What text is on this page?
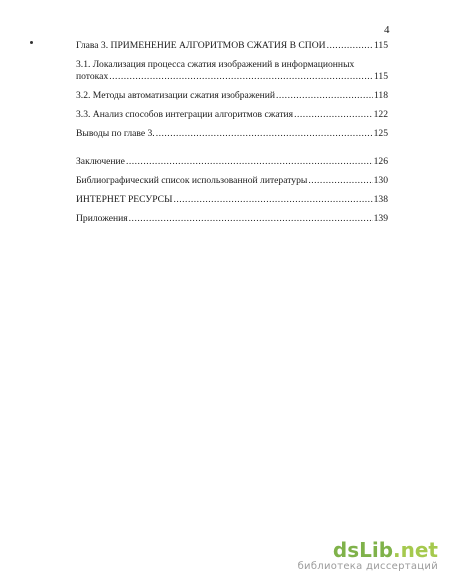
4
Глава 3. ПРИМЕНЕНИЕ АЛГОРИТМОВ СЖАТИЯ В СПОИ .....	115
3.1. Локализация процесса сжатия изображений в информационных
потоках .....	115
3.2. Методы автоматизации сжатия изображений .....	118
3.3. Анализ способов интеграции алгоритмов сжатия .....	122
Выводы по главе 3. .....	125
Заключение .....	126
Библиографический список использованной литературы .....	130
ИНТЕРНЕТ РЕСУРСЫ .....	138
Приложения .....	139
dsLib.net
библиотека диссертаций
